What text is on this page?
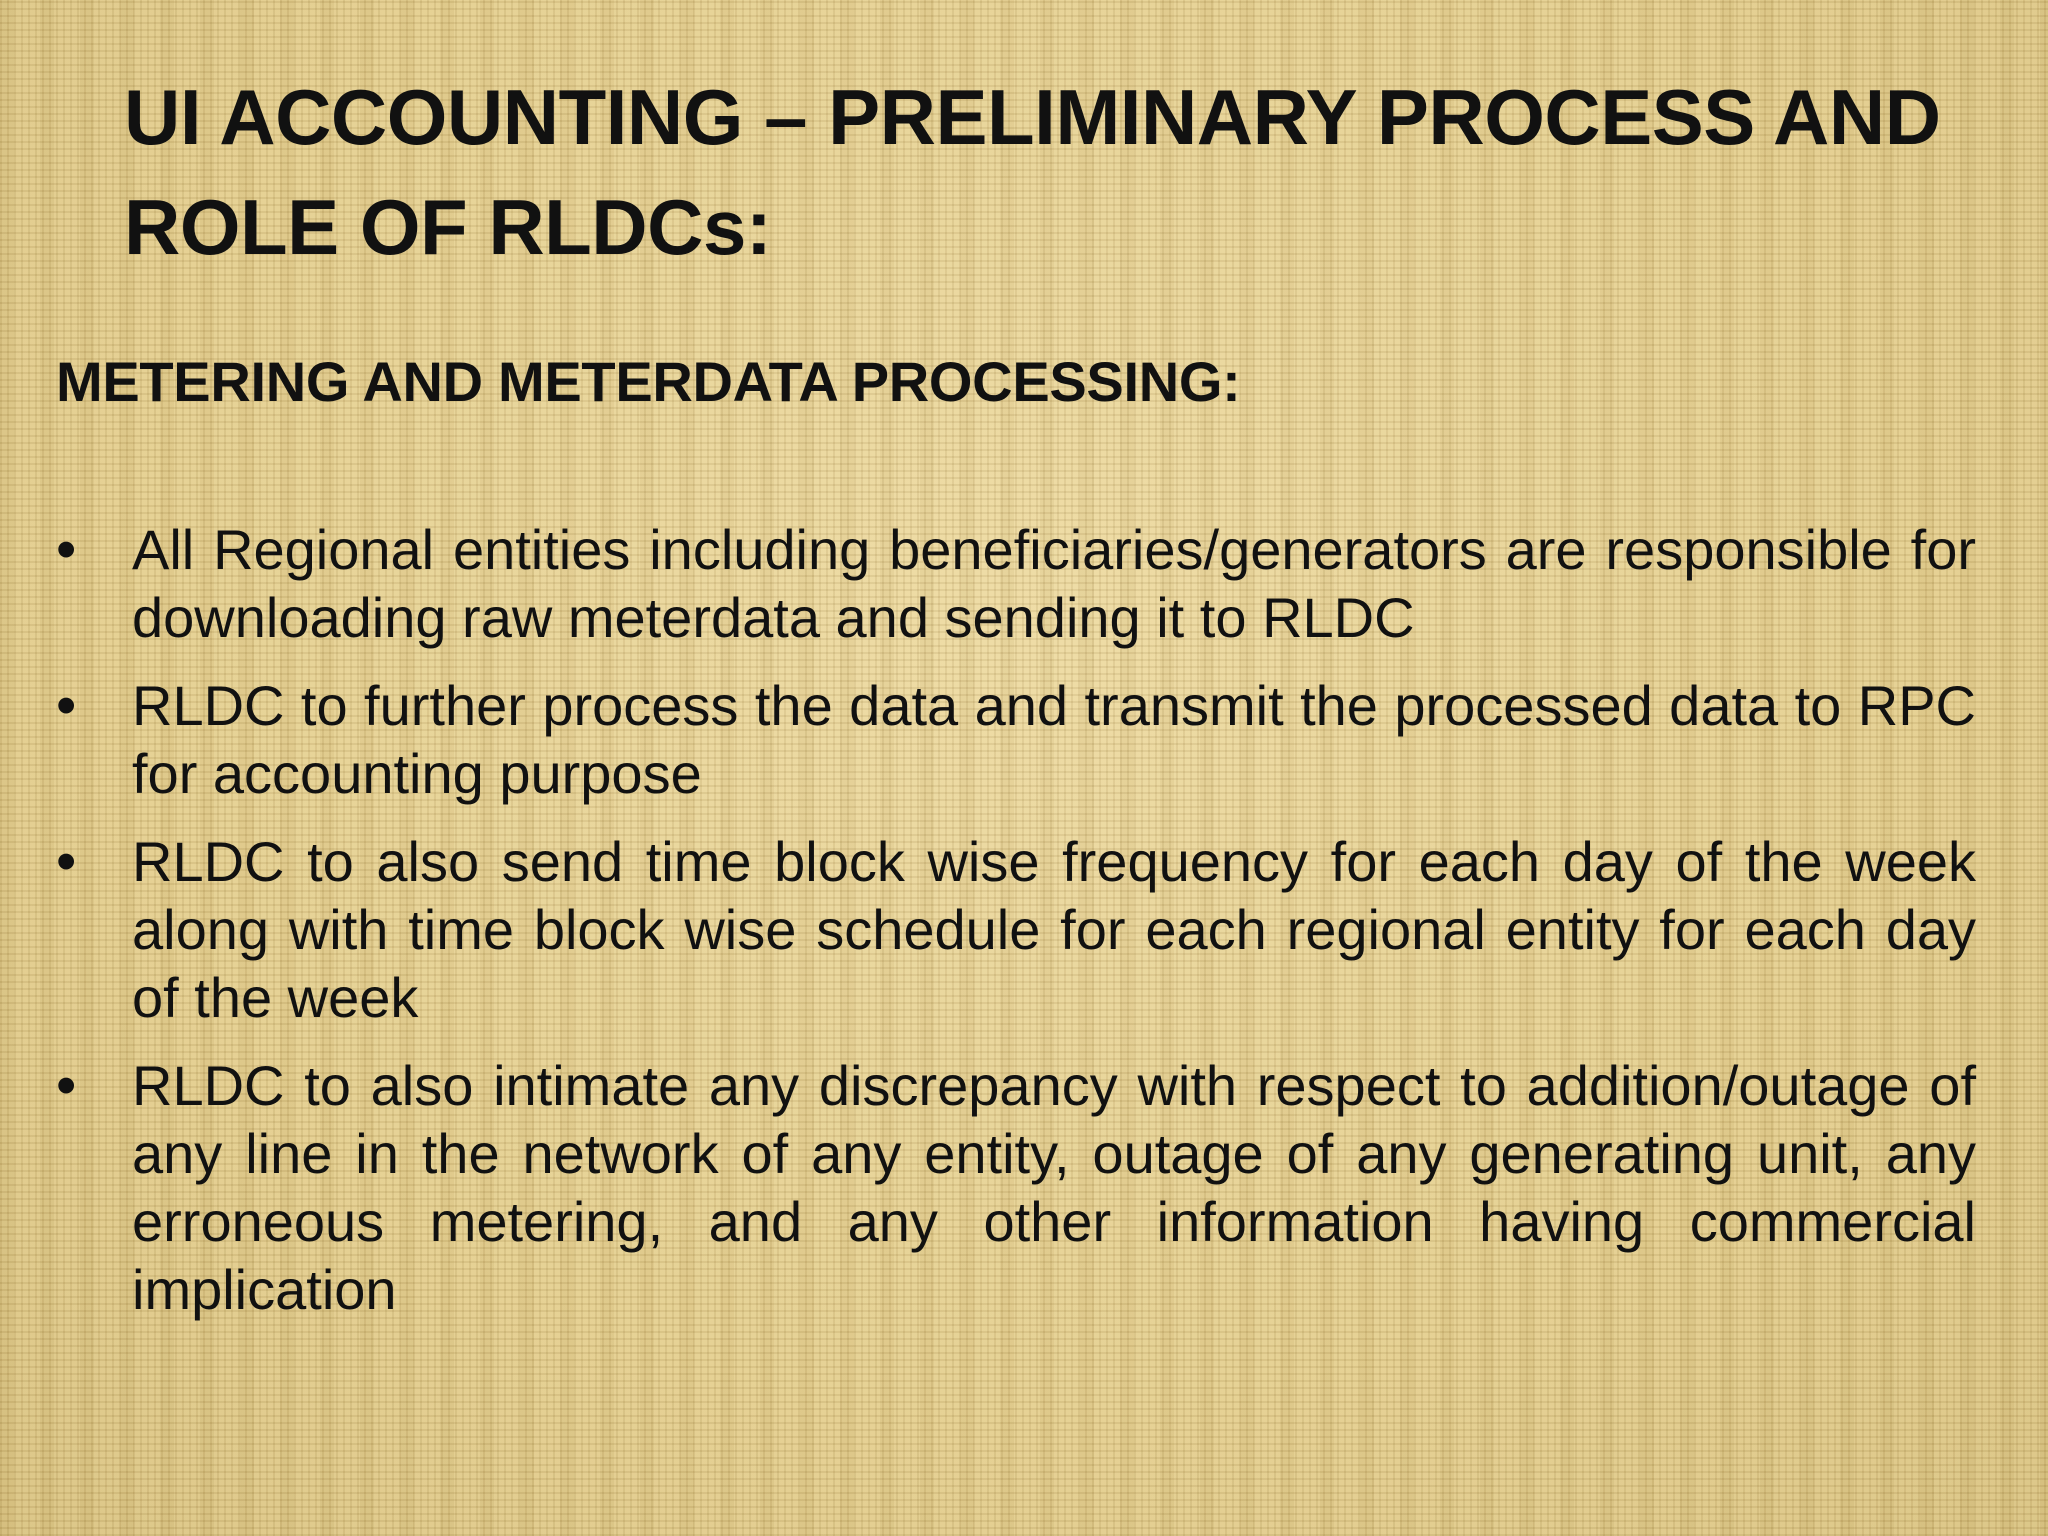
UI ACCOUNTING – PRELIMINARY PROCESS AND ROLE OF RLDCs:
METERING AND METERDATA PROCESSING:
• All Regional entities including beneficiaries/generators are responsible for downloading raw meterdata and sending it to RLDC
• RLDC to further process the data and transmit the processed data to RPC for accounting purpose
• RLDC to also send time block wise frequency for each day of the week along with time block wise schedule for each regional entity for each day of the week
• RLDC to also intimate any discrepancy with respect to addition/outage of any line in the network of any entity, outage of any generating unit, any erroneous metering, and any other information having commercial implication
